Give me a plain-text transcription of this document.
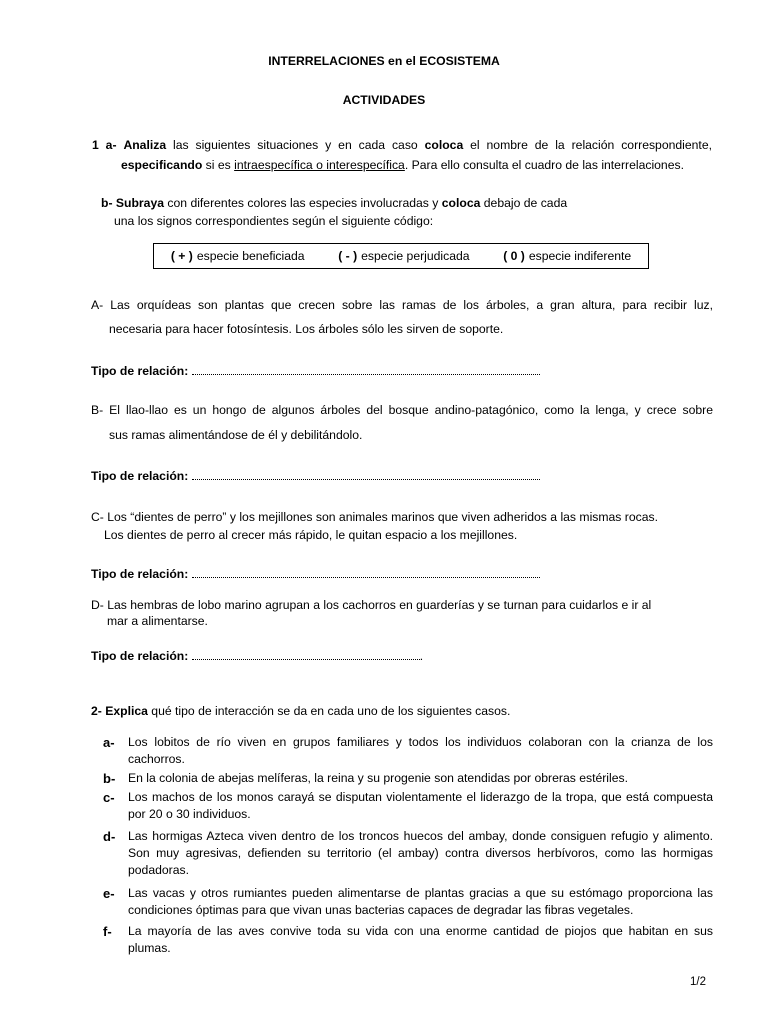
INTERRELACIONES en el ECOSISTEMA
ACTIVIDADES
1 a- Analiza las siguientes situaciones y en cada caso coloca el nombre de la relación correspondiente,
especificando si es intraespecífica o interespecífica. Para ello consulta el cuadro de las interrelaciones.
b- Subraya con diferentes colores las especies involucradas y coloca debajo de cada
una los signos correspondientes según el siguiente código:
( + ) especie beneficiada	( - ) especie perjudicada	( 0 ) especie indiferente
A- Las orquídeas son plantas que crecen sobre las ramas de los árboles, a gran altura, para recibir luz,
necesaria para hacer fotosíntesis. Los árboles sólo les sirven de soporte.
Tipo de relación:
B- El llao-llao es un hongo de algunos árboles del bosque andino-patagónico, como la lenga, y crece sobre
sus ramas alimentándose de él y debilitándolo.
Tipo de relación:
C- Los “dientes de perro” y los mejillones son animales marinos que viven adheridos a las mismas rocas.
Los dientes de perro al crecer más rápido, le quitan espacio a los mejillones.
Tipo de relación:
D- Las hembras de lobo marino agrupan a los cachorros en guarderías y se turnan para cuidarlos e ir al
mar a alimentarse.
Tipo de relación:	.
2- Explica qué tipo de interacción se da en cada uno de los siguientes casos.
a- Los lobitos de río viven en grupos familiares y todos los individuos colaboran con la crianza de los cachorros.
b- En la colonia de abejas melíferas, la reina y su progenie son atendidas por obreras estériles.
c- Los machos de los monos carayá se disputan violentamente el liderazgo de la tropa, que está compuesta por 20 o 30 individuos.
d- Las hormigas Azteca viven dentro de los troncos huecos del ambay, donde consiguen refugio y alimento. Son muy agresivas, defienden su territorio (el ambay) contra diversos herbívoros, como las hormigas podadoras.
e- Las vacas y otros rumiantes pueden alimentarse de plantas gracias a que su estómago proporciona las condiciones óptimas para que vivan unas bacterias capaces de degradar las fibras vegetales.
f- La mayoría de las aves convive toda su vida con una enorme cantidad de piojos que habitan en sus plumas.
1/2
